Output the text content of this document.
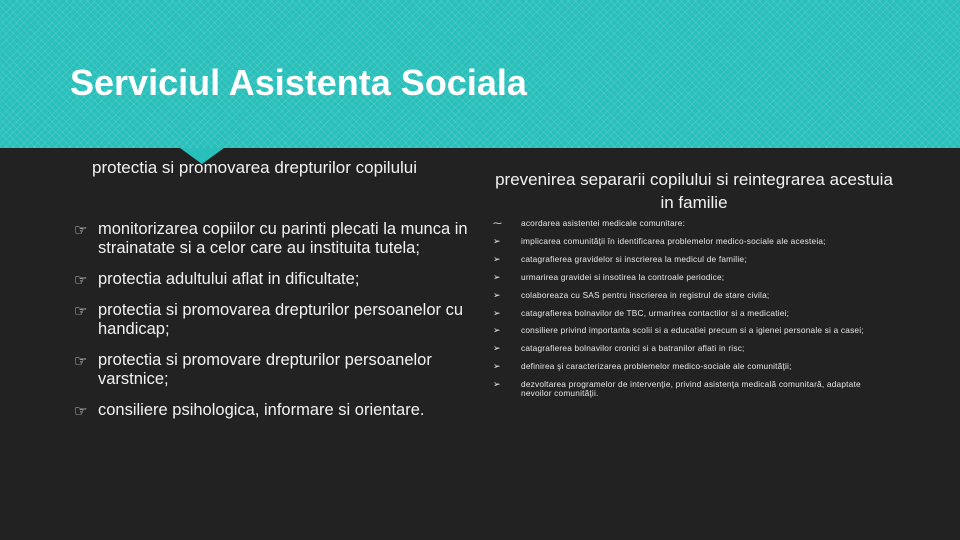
Serviciul Asistenta Sociala
protectia si promovarea drepturilor copilului
☞ monitorizarea copiilor cu parinti plecati la munca in strainatate si a celor care au instituita tutela;
☞ protectia adultului aflat in dificultate;
☞ protectia si promovarea drepturilor persoanelor cu handicap;
☞ protectia si promovare drepturilor persoanelor varstnice;
☞ consiliere psihologica, informare si orientare.
prevenirea separarii copilului si reintegrarea acestuia in familie
⁓ acordarea asistentei medicale comunitare:
➢ implicarea comunităţii în identificarea problemelor medico-sociale ale acesteia;
➢ catagrafierea gravidelor si inscrierea la medicul de familie;
➢ urmarirea gravidei si insotirea la controale periodice;
➢ colaboreaza cu SAS pentru inscrierea in registrul de stare civila;
➢ catagrafierea bolnavilor de TBC, urmarirea contactilor si a medicatiei;
➢ consiliere privind importanta scolii si a educatiei precum si a igienei personale si a casei;
➢ catagrafierea bolnavilor cronici si a batranilor aflati in risc;
➢ definirea şi caracterizarea problemelor medico-sociale ale comunităţii;
➢ dezvoltarea programelor de intervenţie, privind asistenţa medicală comunitară, adaptate nevoilor comunităţii.
